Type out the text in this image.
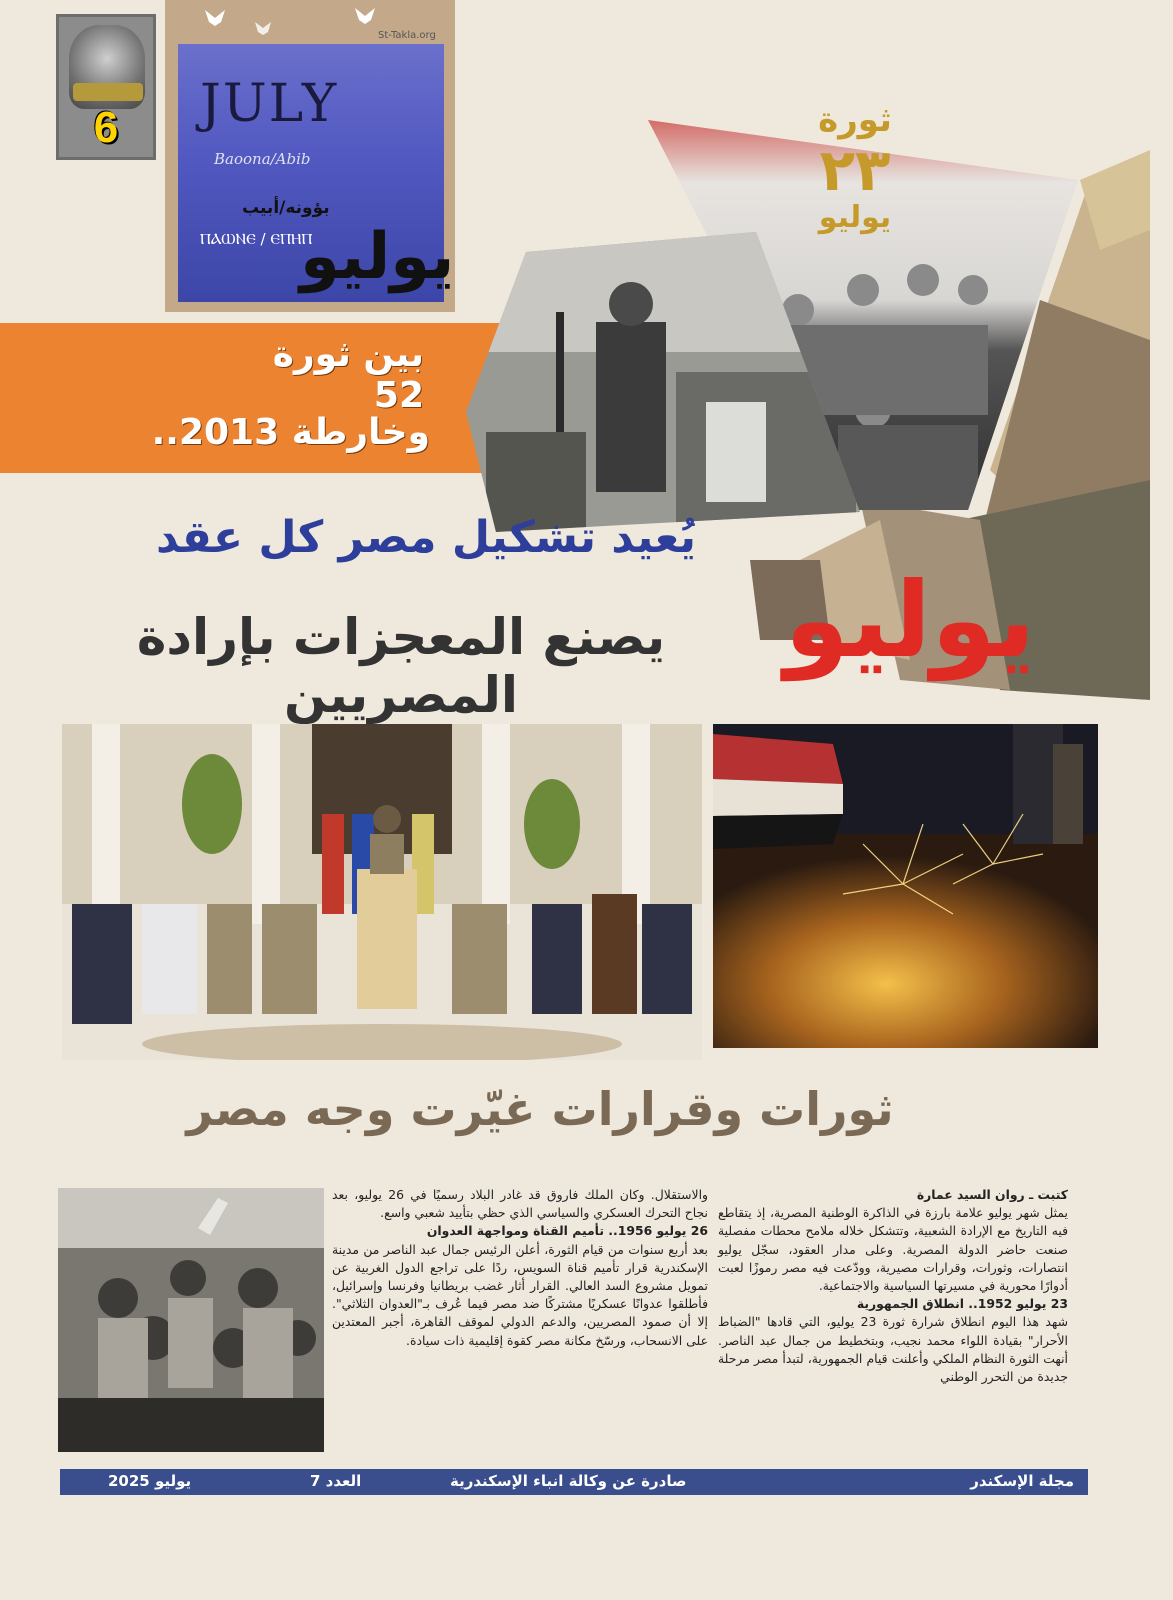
6
St-Takla.org
JULY
Baoona/Abib
بؤونه/أبيب
ⲠⲀⲰⲚⲈ / ⲈⲠⲎⲠ
يوليو
ثورة
٢٣
يوليو
بين ثورة 52
وخارطة 2013..
يُعيد تشكيل مصر كل عقد
يوليو
يصنع المعجزات بإرادة المصريين
ثورات وقرارات غيّرت وجه مصر

كتبت ـ روان السيد عمارة

يمثل شهر يوليو علامة بارزة في الذاكرة الوطنية المصرية، إذ يتقاطع فيه التاريخ مع الإرادة الشعبية، وتتشكل خلاله ملامح محطات مفصلية صنعت حاضر الدولة المصرية. وعلى مدار العقود، سجّل يوليو انتصارات، وثورات، وقرارات مصيرية، وودّعت فيه مصر رموزًا لعبت أدوارًا محورية في مسيرتها السياسية والاجتماعية.

23 يوليو 1952.. انطلاق الجمهورية

شهد هذا اليوم انطلاق شرارة ثورة 23 يوليو، التي قادها "الضباط الأحرار" بقيادة اللواء محمد نجيب، وبتخطيط من جمال عبد الناصر. أنهت الثورة النظام الملكي وأعلنت قيام الجمهورية، لتبدأ مصر مرحلة جديدة من التحرر الوطني

والاستقلال. وكان الملك فاروق قد غادر البلاد رسميًا في 26 يوليو، بعد نجاح التحرك العسكري والسياسي الذي حظي بتأييد شعبي واسع.

26 يوليو 1956.. تأميم القناة ومواجهة العدوان

بعد أربع سنوات من قيام الثورة، أعلن الرئيس جمال عبد الناصر من مدينة الإسكندرية قرار تأميم قناة السويس، ردًا على تراجع الدول الغربية عن تمويل مشروع السد العالي. القرار أثار غضب بريطانيا وفرنسا وإسرائيل، فأطلقوا عدوانًا عسكريًا مشتركًا ضد مصر فيما عُرف بـ"العدوان الثلاثي". إلا أن صمود المصريين، والدعم الدولي لموقف القاهرة، أجبر المعتدين على الانسحاب، ورسّخ مكانة مصر كقوة إقليمية ذات سيادة.

مجلة الإسكندر
صادرة عن وكالة انباء الإسكندرية
العدد 7
يوليو 2025
